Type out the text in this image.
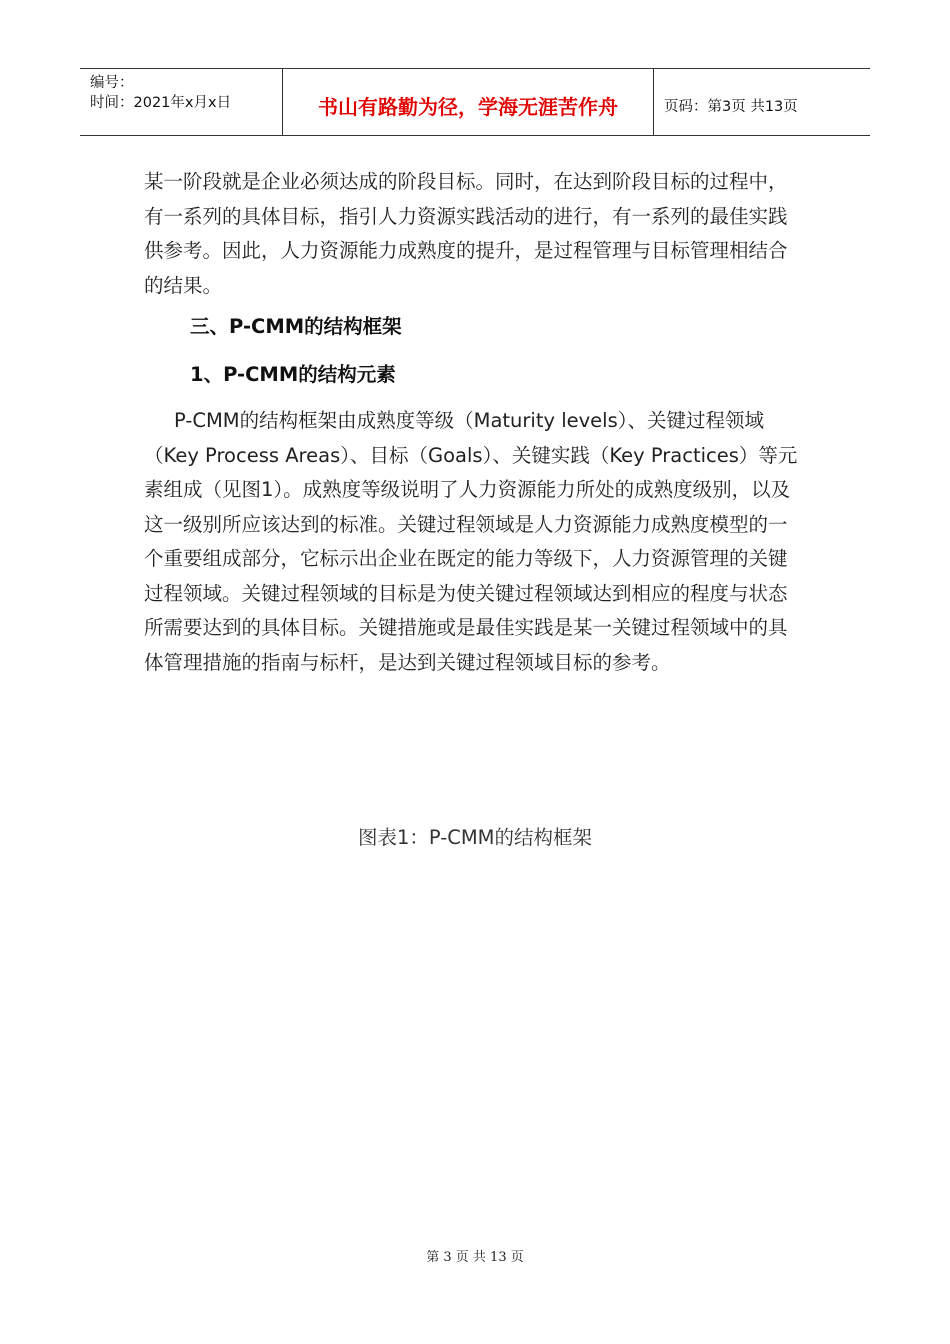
编号：
时间：2021年x月x日	书山有路勤为径，学海无涯苦作舟	页码：第3页 共13页
某一阶段就是企业必须达成的阶段目标。同时，在达到阶段目标的过程中，有一系列的具体目标，指引人力资源实践活动的进行，有一系列的最佳实践供参考。因此，人力资源能力成熟度的提升，是过程管理与目标管理相结合的结果。
三、P-CMM的结构框架
1、P-CMM的结构元素
P-CMM的结构框架由成熟度等级（Maturity levels）、关键过程领域（Key Process Areas）、目标（Goals）、关键实践（Key Practices）等元素组成（见图1）。成熟度等级说明了人力资源能力所处的成熟度级别，以及这一级别所应该达到的标准。关键过程领域是人力资源能力成熟度模型的一个重要组成部分，它标示出企业在既定的能力等级下，人力资源管理的关键过程领域。关键过程领域的目标是为使关键过程领域达到相应的程度与状态所需要达到的具体目标。关键措施或是最佳实践是某一关键过程领域中的具体管理措施的指南与标杆，是达到关键过程领域目标的参考。
图表1：P-CMM的结构框架
第 3 页 共 13 页
